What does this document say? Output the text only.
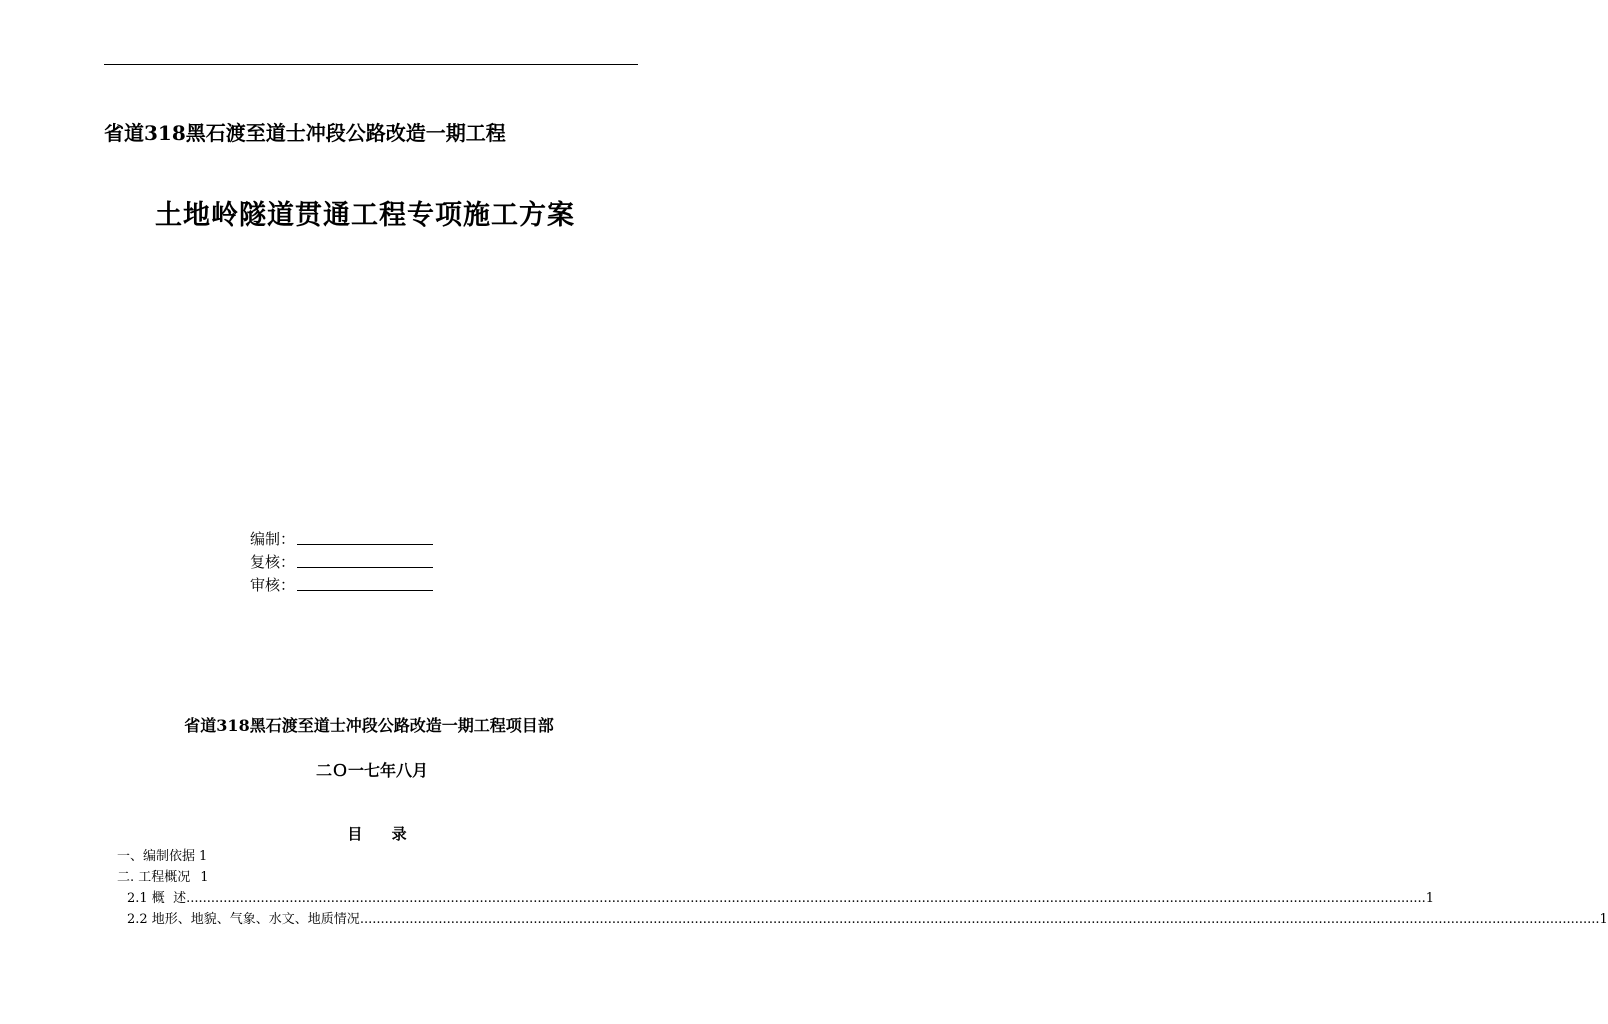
省道318黑石渡至道士冲段公路改造一期工程
土地岭隧道贯通工程专项施工方案
编制：
复核：
审核：
省道318黑石渡至道士冲段公路改造一期工程项目部
二Ｏ一七年八月
目 录
一、编制依据 1
二. 工程概况 1
2.1 概  述 ............................................................................................................................................................................................................................................................................................................ 1
2.2 地形、地貌、气象、水文、地质情况 ............................................................................................................................................................................................................................................................................................................ 1
